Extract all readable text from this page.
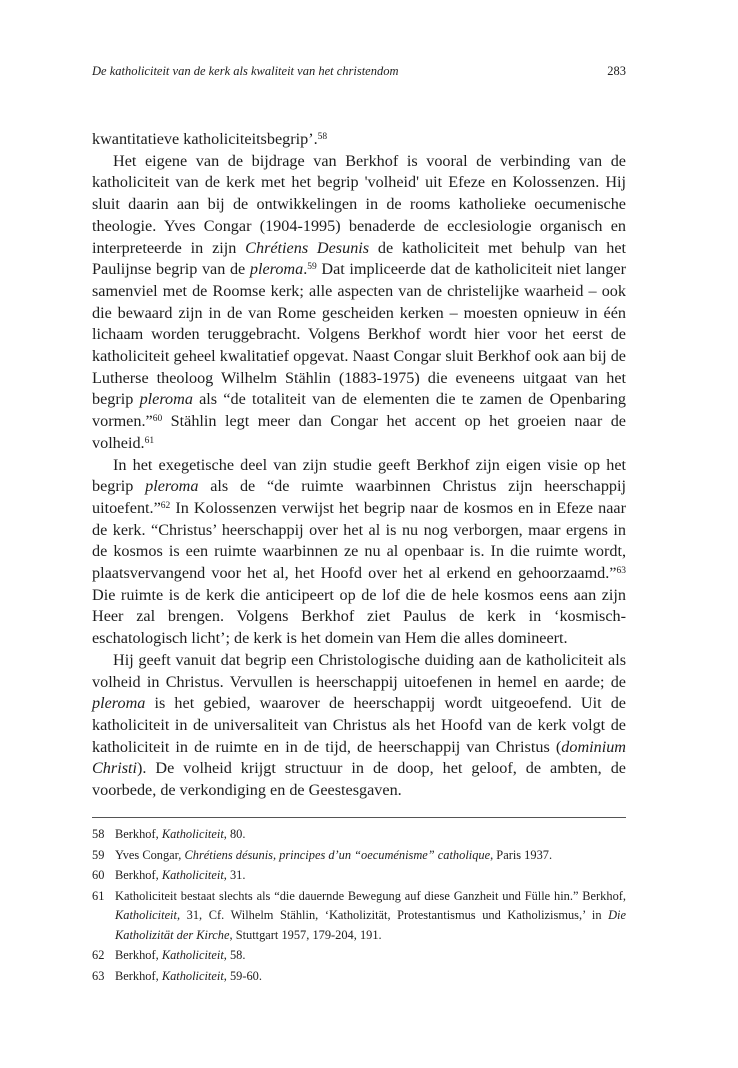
De katholiciteit van de kerk als kwaliteit van het christendom	283

kwantitatieve katholiciteitsbegrip’.$^{58}$

Het eigene van de bijdrage van Berkhof is vooral de verbinding van de katholiciteit van de kerk met het begrip 'volheid' uit Efeze en Kolossenzen. Hij sluit daarin aan bij de ontwikkelingen in de rooms katholieke oecumenische theologie. Yves Congar (1904-1995) benaderde de ecclesiologie organisch en interpreteerde in zijn Chrétiens Desunis de katholiciteit met behulp van het Paulijnse begrip van de pleroma.$^{59}$ Dat impliceerde dat de katholiciteit niet langer samenviel met de Roomse kerk; alle aspecten van de christelijke waarheid – ook die bewaard zijn in de van Rome gescheiden kerken – moesten opnieuw in één lichaam worden teruggebracht. Volgens Berkhof wordt hier voor het eerst de katholiciteit geheel kwalitatief opgevat. Naast Congar sluit Berkhof ook aan bij de Lutherse theoloog Wilhelm Stählin (1883-1975) die eveneens uitgaat van het begrip pleroma als “de totaliteit van de elementen die te zamen de Openbaring vormen.”$^{60}$ Stählin legt meer dan Congar het accent op het groeien naar de volheid.$^{61}$

In het exegetische deel van zijn studie geeft Berkhof zijn eigen visie op het begrip pleroma als de “de ruimte waarbinnen Christus zijn heerschappij uitoefent.”$^{62}$ In Kolossenzen verwijst het begrip naar de kosmos en in Efeze naar de kerk. “Christus’ heerschappij over het al is nu nog verborgen, maar ergens in de kosmos is een ruimte waarbinnen ze nu al openbaar is. In die ruimte wordt, plaatsvervangend voor het al, het Hoofd over het al erkend en gehoorzaamd.”$^{63}$ Die ruimte is de kerk die anticipeert op de lof die de hele kosmos eens aan zijn Heer zal brengen. Volgens Berkhof ziet Paulus de kerk in ‘kosmisch-eschatologisch licht’; de kerk is het domein van Hem die alles domineert.

Hij geeft vanuit dat begrip een Christologische duiding aan de katholiciteit als volheid in Christus. Vervullen is heerschappij uitoefenen in hemel en aarde; de pleroma is het gebied, waarover de heerschappij wordt uitgeoefend. Uit de katholiciteit in de universaliteit van Christus als het Hoofd van de kerk volgt de katholiciteit in de ruimte en in de tijd, de heerschappij van Christus (dominium Christi). De volheid krijgt structuur in de doop, het geloof, de ambten, de voorbede, de verkondiging en de Geestesgaven.

58 Berkhof, Katholiciteit, 80.
59 Yves Congar, Chrétiens désunis, principes d’un “oecuménisme” catholique, Paris 1937.
60 Berkhof, Katholiciteit, 31.
61 Katholiciteit bestaat slechts als “die dauernde Bewegung auf diese Ganzheit und Fülle hin.” Berkhof, Katholiciteit, 31, Cf. Wilhelm Stählin, ‘Katholizität, Protestantismus und Katholizismus,’ in Die Katholizität der Kirche, Stuttgart 1957, 179-204, 191.
62 Berkhof, Katholiciteit, 58.
63 Berkhof, Katholiciteit, 59-60.
